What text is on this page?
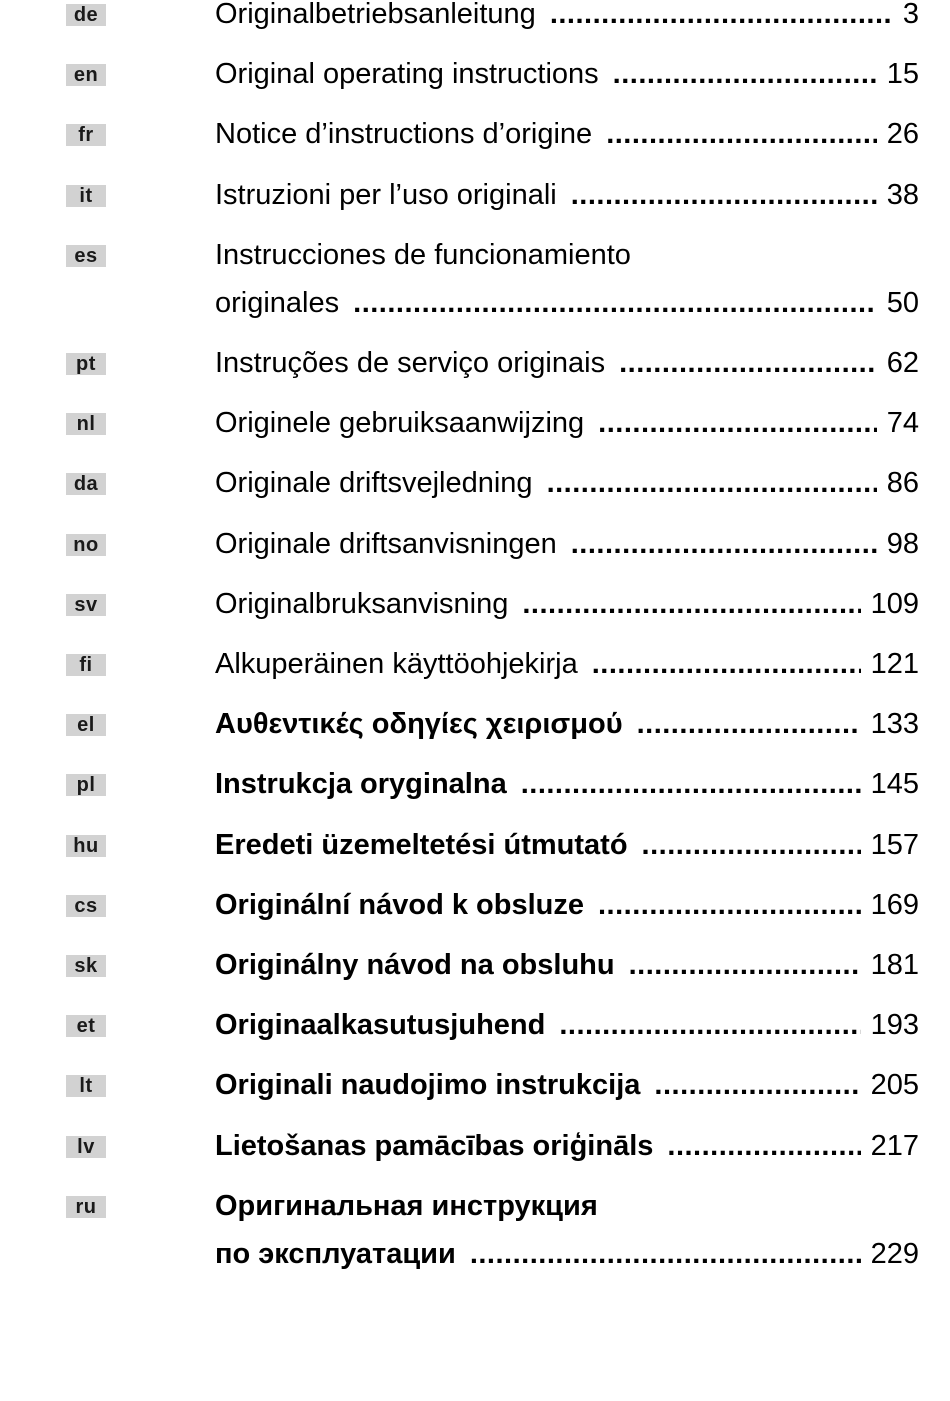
de	Originalbetriebsanleitung .....	3
en	Original operating instructions .....	15
fr	Notice d’instructions d’origine .....	26
it	Istruzioni per l’uso originali .....	38
es	Instrucciones de funcionamiento
originales .....	50
pt	Instruções de serviço originais .....	62
nl	Originele gebruiksaanwijzing .....	74
da	Originale driftsvejledning .....	86
no	Originale driftsanvisningen .....	98
sv	Originalbruksanvisning .....	109
fi	Alkuperäinen käyttöohjekirja .....	121
el	Αυθεντικές οδηγίες χειρισμού .....	133
pl	Instrukcja oryginalna .....	145
hu	Eredeti üzemeltetési útmutató .....	157
cs	Originální návod k obsluze .....	169
sk	Originálny návod na obsluhu .....	181
et	Originaalkasutusjuhend .....	193
lt	Originali naudojimo instrukcija .....	205
lv	Lietošanas pamācības oriģināls .....	217
ru	Оригинальная инструкция
по эксплуатации .....	229
